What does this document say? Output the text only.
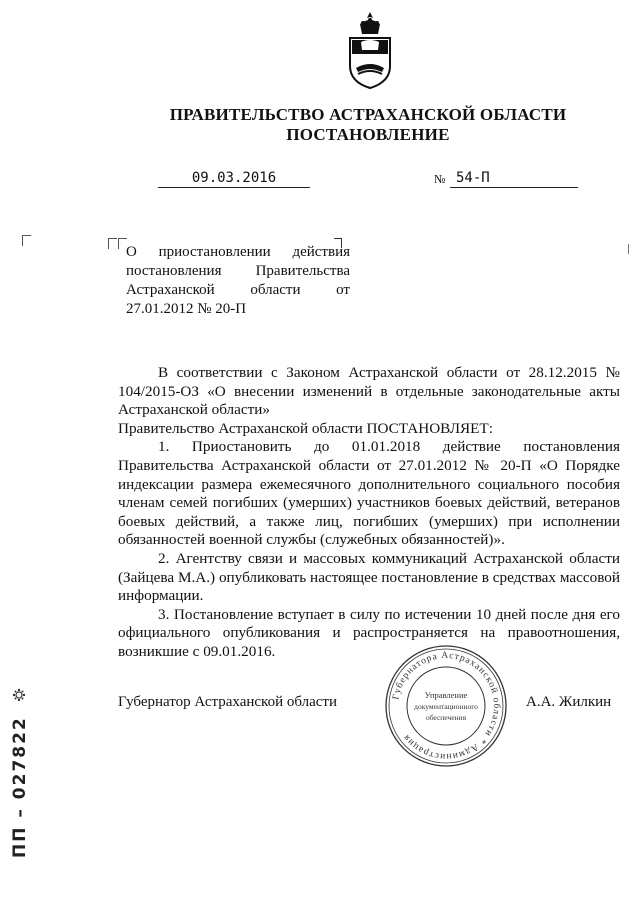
ПРАВИТЕЛЬСТВО АСТРАХАНСКОЙ ОБЛАСТИ
ПОСТАНОВЛЕНИЕ
09.03.2016	№ 54-П
О приостановлении действия постановления Правительства Астраханской области от 27.01.2012 № 20-П

В соответствии с Законом Астраханской области от 28.12.2015 № 104/2015-ОЗ «О внесении изменений в отдельные законодательные акты Астраханской области»

Правительство Астраханской области ПОСТАНОВЛЯЕТ:

1. Приостановить до 01.01.2018 действие постановления Правительства Астраханской области от 27.01.2012 № 20-П «О Порядке индексации размера ежемесячного дополнительного социального пособия членам семей погибших (умерших) участников боевых действий, ветеранов боевых действий, а также лиц, погибших (умерших) при исполнении обязанностей военной службы (служебных обязанностей)».

2. Агентству связи и массовых коммуникаций Астраханской области (Зайцева М.А.) опубликовать настоящее постановление в средствах массовой информации.

3. Постановление вступает в силу по истечении 10 дней после дня его официального опубликования и распространяется на правоотношения, возникшие с 09.01.2016.

Губернатор Астраханской области	А.А. Жилкин
Губернатора Астраханской области * Администрация
Управление
документационного
обеспечения
ПП – 027822
